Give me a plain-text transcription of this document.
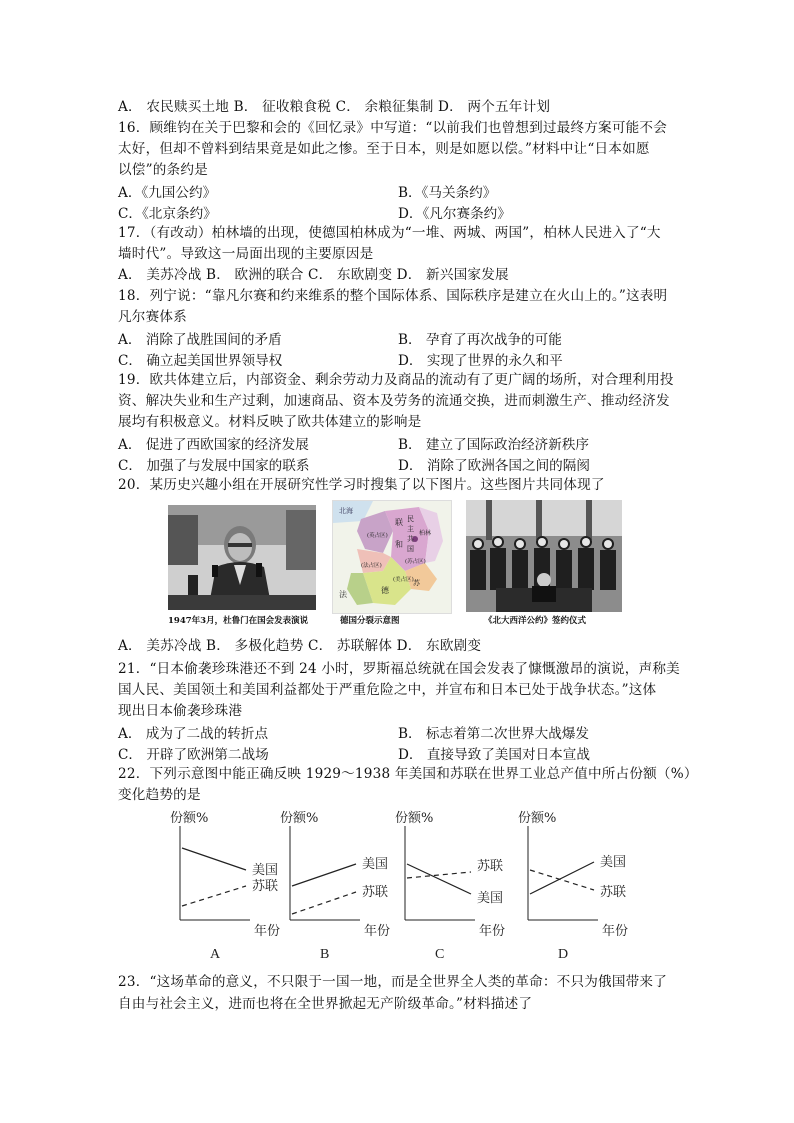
A． 农民赎买土地 B． 征收粮食税 C． 余粮征集制 D． 两个五年计划
16．顾维钧在关于巴黎和会的《回忆录》中写道：“以前我们也曾想到过最终方案可能不会
太好，但却不曾料到结果竟是如此之惨。至于日本，则是如愿以偿。”材料中让“日本如愿
以偿”的条约是
A．《九国公约》	B．《马关条约》
C．《北京条约》	D．《凡尔赛条约》
17．（有改动）柏林墙的出现，使德国柏林成为“一堆、两城、两国”，柏林人民进入了“大
墙时代”。导致这一局面出现的主要原因是
A． 美苏冷战 B． 欧洲的联合 C． 东欧剧变 D． 新兴国家发展
18．列宁说：“靠凡尔赛和约来维系的整个国际体系、国际秩序是建立在火山上的。”这表明
凡尔赛体系
A． 消除了战胜国间的矛盾	B． 孕育了再次战争的可能
C． 确立起美国世界领导权	D． 实现了世界的永久和平
19．欧共体建立后，内部资金、剩余劳动力及商品的流动有了更广阔的场所，对合理利用投
资、解决失业和生产过剩，加速商品、资本及劳务的流通交换，进而刺激生产、推动经济发
展均有积极意义。材料反映了欧共体建立的影响是
A． 促进了西欧国家的经济发展	B． 建立了国际政治经济新秩序
C． 加强了与发展中国家的联系	D． 消除了欧洲各国之间的隔阂
20．某历史兴趣小组在开展研究性学习时搜集了以下图片。这些图片共同体现了
1947年3月，杜鲁门在国会发表演说
北海
联
和
民
主
共
国
柏林
(英占区)
(苏占区)
(美占区)
(法占区)
德
法
苏
德国分裂示意图	《北大西洋公约》签约仪式
A． 美苏冷战 B． 多极化趋势 C． 苏联解体 D． 东欧剧变
21．“日本偷袭珍珠港还不到 24 小时，罗斯福总统就在国会发表了慷慨激昂的演说，声称美
国人民、美国领土和美国利益都处于严重危险之中，并宣布和日本已处于战争状态。”这体
现出日本偷袭珍珠港
A． 成为了二战的转折点	B． 标志着第二次世界大战爆发
C． 开辟了欧洲第二战场	D． 直接导致了美国对日本宣战
22．下列示意图中能正确反映 1929～1938 年美国和苏联在世界工业总产值中所占份额（%）
变化趋势的是
份额%
年份
A
美国
苏联
份额%
年份
B
美国
苏联
份额%
年份
C
美国
苏联
份额%
年份
D
美国
苏联
23．“这场革命的意义，不只限于一国一地，而是全世界全人类的革命：不只为俄国带来了
自由与社会主义，进而也将在全世界掀起无产阶级革命。”材料描述了
